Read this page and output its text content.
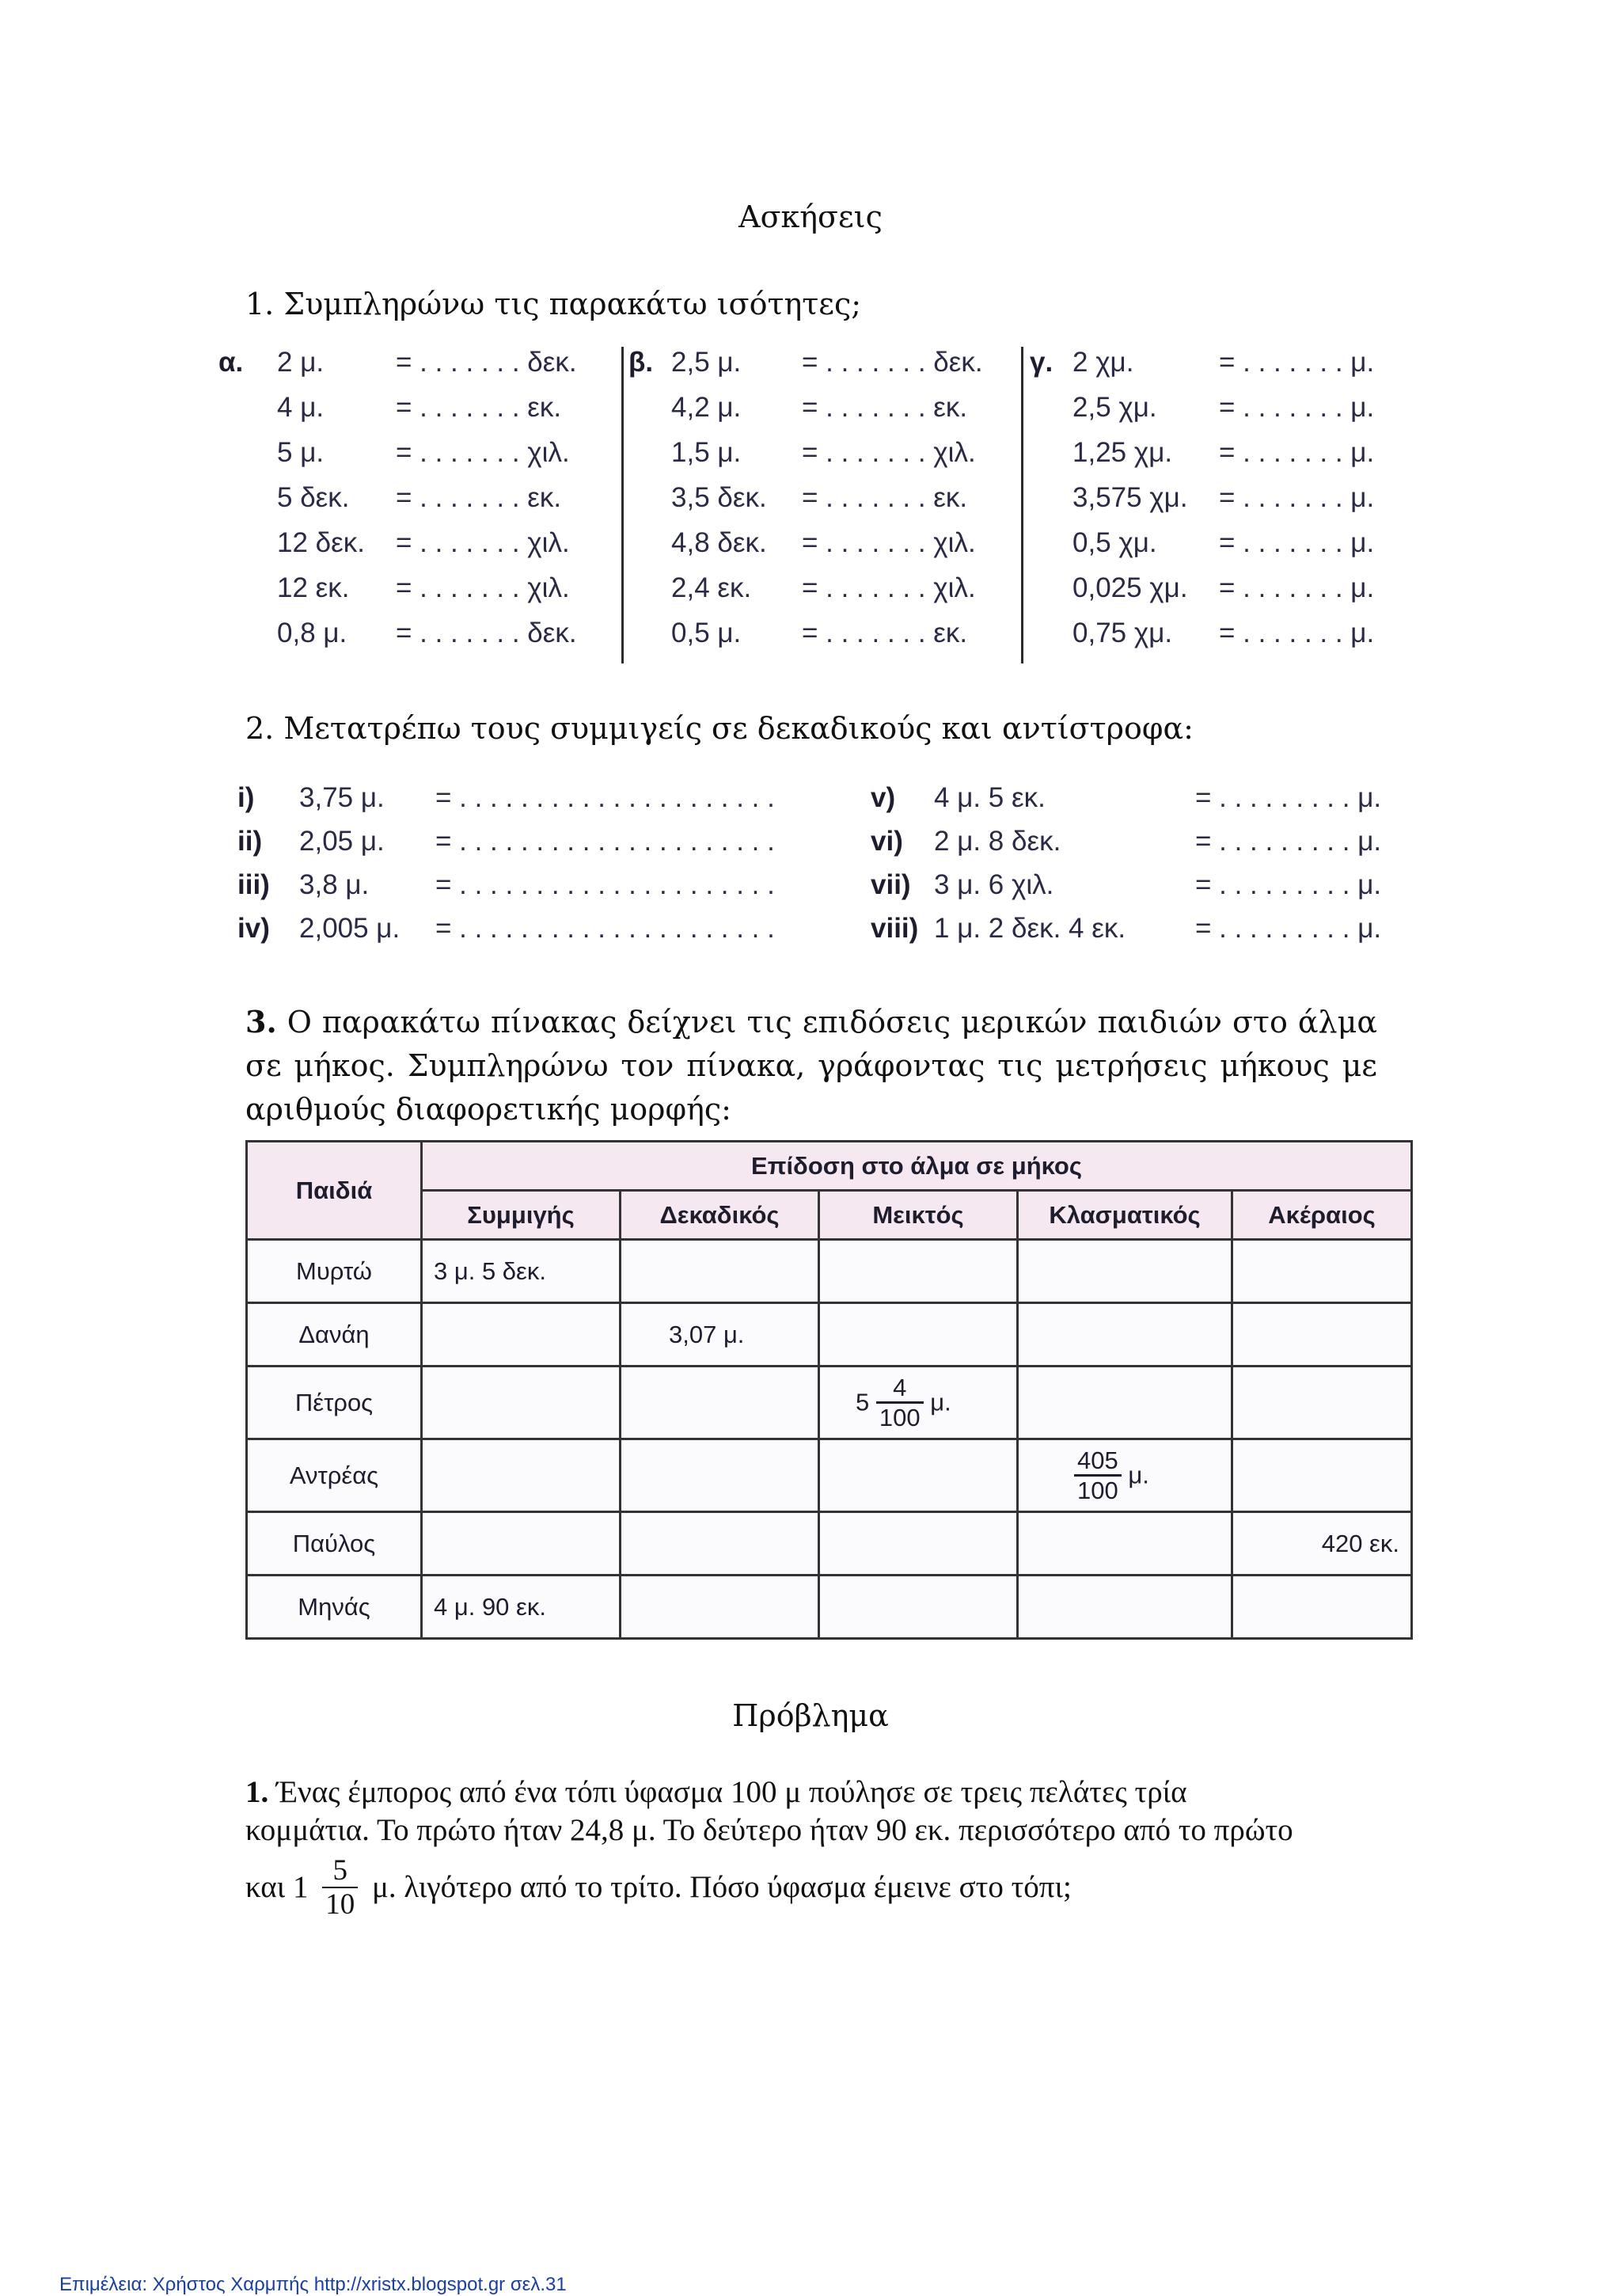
Ασκήσεις
1. Συμπληρώνω τις παρακάτω ισότητες;
α. 2 μ.	= . . . . . . . δεκ.
4 μ.	= . . . . . . . εκ.
5 μ.	= . . . . . . . χιλ.
5 δεκ. = . . . . . . . εκ.
12 δεκ. = . . . . . . . χιλ.
12 εκ. = . . . . . . . χιλ.
0,8 μ. = . . . . . . . δεκ.
β. 2,5 μ. = . . . . . . . δεκ.
4,2 μ. = . . . . . . . εκ.
1,5 μ. = . . . . . . . χιλ.
3,5 δεκ. = . . . . . . . εκ.
4,8 δεκ. = . . . . . . . χιλ.
2,4 εκ. = . . . . . . . χιλ.
0,5 μ. = . . . . . . . εκ.
γ. 2 χμ.	= . . . . . . . μ.
2,5 χμ. = . . . . . . . μ.
1,25 χμ. = . . . . . . . μ.
3,575 χμ. = . . . . . . . μ.
0,5 χμ. = . . . . . . . μ.
0,025 χμ. = . . . . . . . μ.
0,75 χμ. = . . . . . . . μ.
2. Μετατρέπω τους συμμιγείς σε δεκαδικούς και αντίστροφα:
i) 3,75 μ. = . . . . . . . . . . . . . . . . . . . . .
ii) 2,05 μ. = . . . . . . . . . . . . . . . . . . . . .
iii) 3,8 μ. = . . . . . . . . . . . . . . . . . . . . .
iv) 2,005 μ. = . . . . . . . . . . . . . . . . . . . . .
v) 4 μ. 5 εκ.	= . . . . . . . . . μ.
vi) 2 μ. 8 δεκ.	= . . . . . . . . . μ.
vii) 3 μ. 6 χιλ.	= . . . . . . . . . μ.
viii) 1 μ. 2 δεκ. 4 εκ.	= . . . . . . . . . μ.
3. Ο παρακάτω πίνακας δείχνει τις επιδόσεις μερικών παιδιών στο άλμα
σε μήκος. Συμπληρώνω τον πίνακα, γράφοντας τις μετρήσεις μήκους με
αριθμούς διαφορετικής μορφής:
Παιδιά	Επίδοση στο άλμα σε μήκος				
	Συμμιγής	Δεκαδικός	Μεικτός	Κλασματικός	Ακέραιος
Μυρτώ	3 μ. 5 δεκ.				
Δανάη		3,07 μ.			
Πέτρος			$5 \frac{4}{100} \mu$.		
Αντρέας				$\frac{405}{100} \mu$.	
Παύλος					420 εκ.
Μηνάς	4 μ. 90 εκ.				
Πρόβλημα
1. Ένας έμπορος από ένα τόπι ύφασμα 100 μ πούλησε σε τρεις πελάτες τρία
κομμάτια. Το πρώτο ήταν 24,8 μ. Το δεύτερο ήταν 90 εκ. περισσότερο από το πρώτο
και $1 \frac{5}{10} \mu$. λιγότερο από το τρίτο. Πόσο ύφασμα έμεινε στο τόπι;
Επιμέλεια: Χρήστος Χαρμπής http://xristx.blogspot.gr σελ.31
